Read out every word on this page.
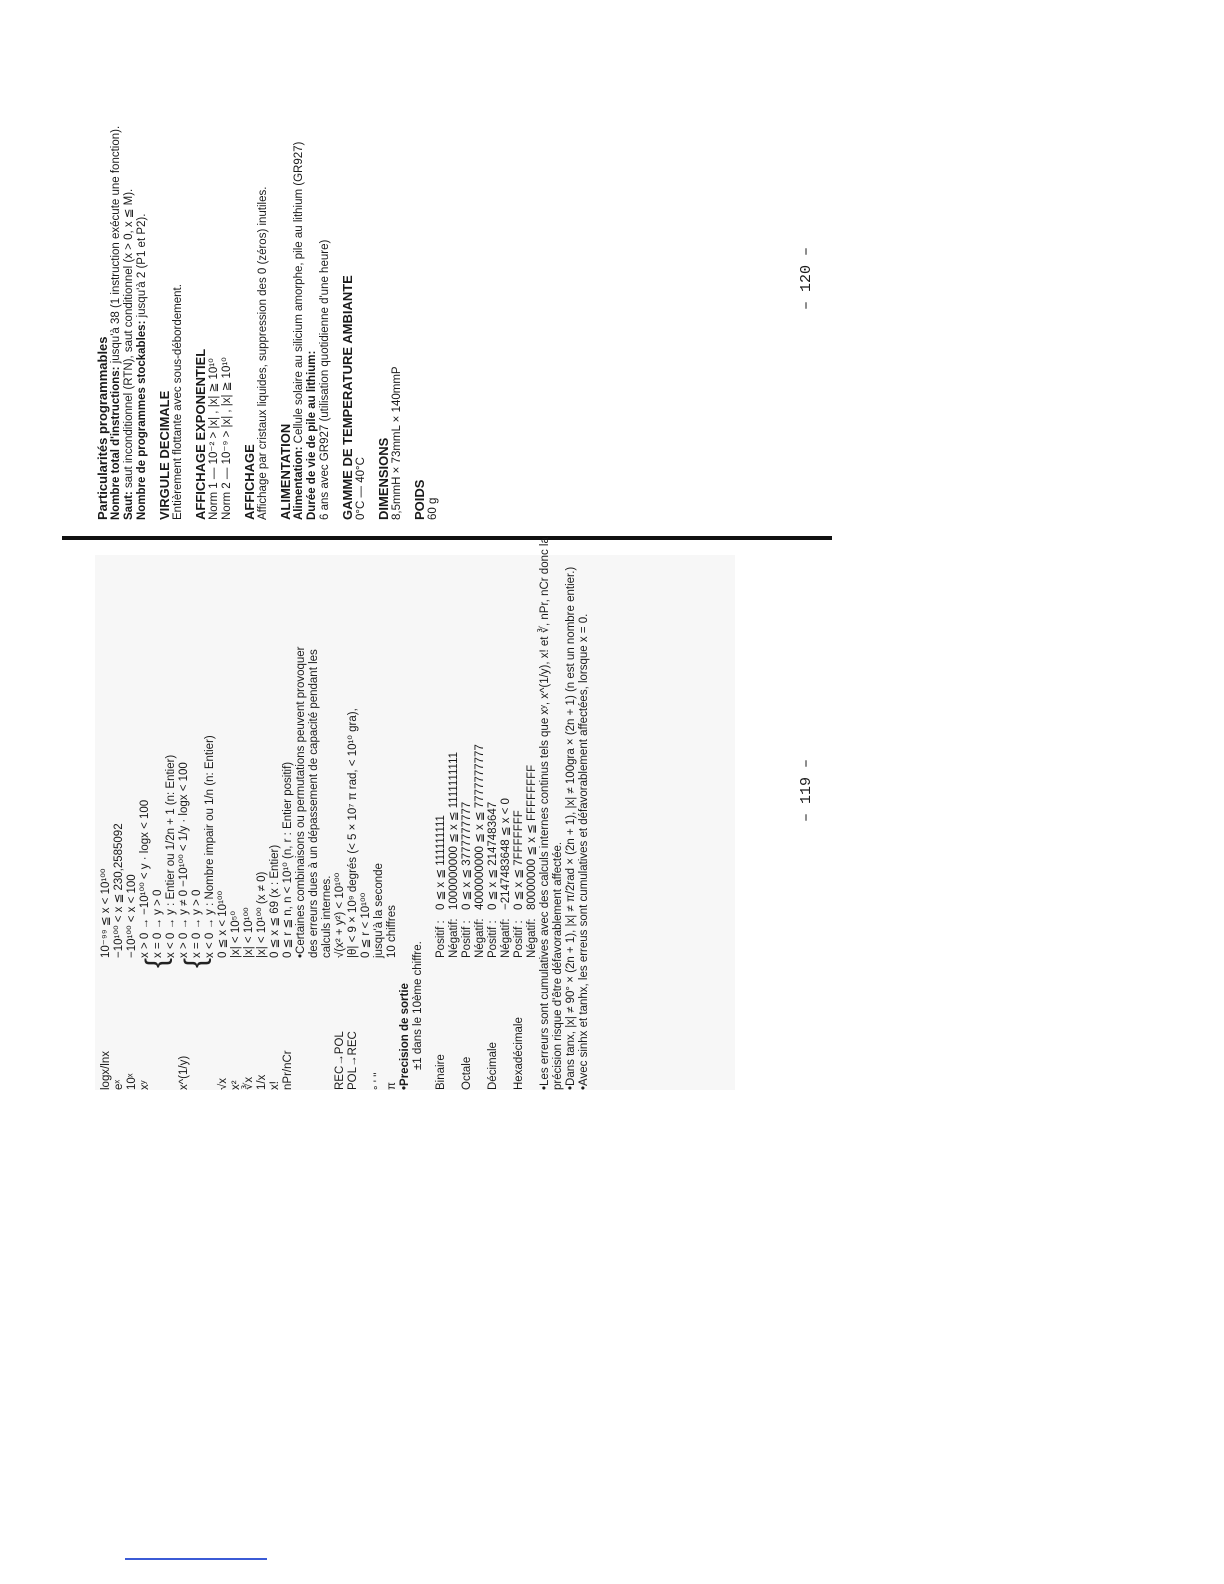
logx/lnx
10⁻⁹⁹ ≦ x < 10¹⁰⁰
eˣ
−10¹⁰⁰ < x ≦ 230,2585092
10ˣ
−10¹⁰⁰ < x < 100
xʸ
{
x > 0 → −10¹⁰⁰ < y · logx < 100 x = 0 → y > 0 x < 0 → y : Entier ou 1/2n + 1 (n: Entier)
x^(1/y)
{
x > 0 → y ≠ 0 −10¹⁰⁰ < 1/y · logx < 100 x = 0 → y > 0 x < 0 → y : Nombre impair ou 1/n (n: Entier)
√x
0 ≦ x < 10¹⁰⁰
x²
|x| < 10⁵⁰
∛x
|x| < 10¹⁰⁰
1/x
|x| < 10¹⁰⁰ (x ≠ 0)
x!
0 ≦ x ≦ 69 (x : Entier)
nPr/nCr
0 ≦ r ≦ n, n < 10¹⁰ (n, r : Entier positif) •Certaines combinaisons ou permutations peuvent provoquer des erreurs dues à un dépassement de capacité pendant les calculs internes.
REC→POL
√(x² + y²) < 10¹⁰⁰
POL→REC
|θ| < 9 × 10⁹ degrés (< 5 × 10⁷ π rad, < 10¹⁰ gra), 0 ≦ r < 10¹⁰⁰
° ' ''
jusqu'à la seconde
π
10 chiffres
•Precision de sortie ±1 dans le 10ème chiffre.
Binaire
Positif :
0 ≦ x ≦ 111111111
Négatif:
1000000000 ≦ x ≦ 1111111111
Octale
Positif :
0 ≦ x ≦ 3777777777
Négatif:
4000000000 ≦ x ≦ 7777777777
Décimale
Positif :
0 ≦ x ≦ 2147483647
Négatif:
−2147483648 ≦ x < 0
Hexadécimale
Positif :
0 ≦ x ≦ 7FFFFFFF
Négatif:
80000000 ≦ x ≦ FFFFFFFF •Les erreurs sont cumulatives avec des calculs internes continus tels que xʸ, x^(1/y), x! et ∛, nPr, nCr donc la précision risque d'être défavorablement affectée. •Dans tanx, |x| ≠ 90° × (2n + 1), |x| ≠ π/2rad × (2n + 1), |x| ≠ 100gra × (2n + 1) (n est un nombre entier.) •Avec sinhx et tanhx, les erreus sont cumulatives et défavorablement affectées, lorsque x = 0.	– 119 –
Particularités programmables Nombre total d'instructions: jusqu'à 38 (1 instruction exécute une fonction).
Saut: saut inconditionnel (RTN), saut conditionnel (x > 0, x ≦ M). Nombre de programmes stockables: jusqu'à 2 (P1 et P2).
VIRGULE DECIMALE Entièrement flottante avec sous-débordement. AFFICHAGE EXPONENTIEL Norm 1 — 10⁻² > |x| , |x| ≧ 10¹⁰ Norm 2 — 10⁻⁹ > |x| , |x| ≧ 10¹⁰ AFFICHAGE Affichage par cristaux liquides, suppression des 0 (zéros) inutiles. ALIMENTATION Alimentation: Cellule solaire au silicium amorphe, pile au lithium (GR927) Durée de vie de pile au lithium: 6 ans avec GR927 (utilisation quotidienne d'une heure) GAMME DE TEMPERATURE AMBIANTE 0°C — 40°C DIMENSIONS 8,5mmH × 73mmL × 140mmP POIDS 60 g
– 120 –
